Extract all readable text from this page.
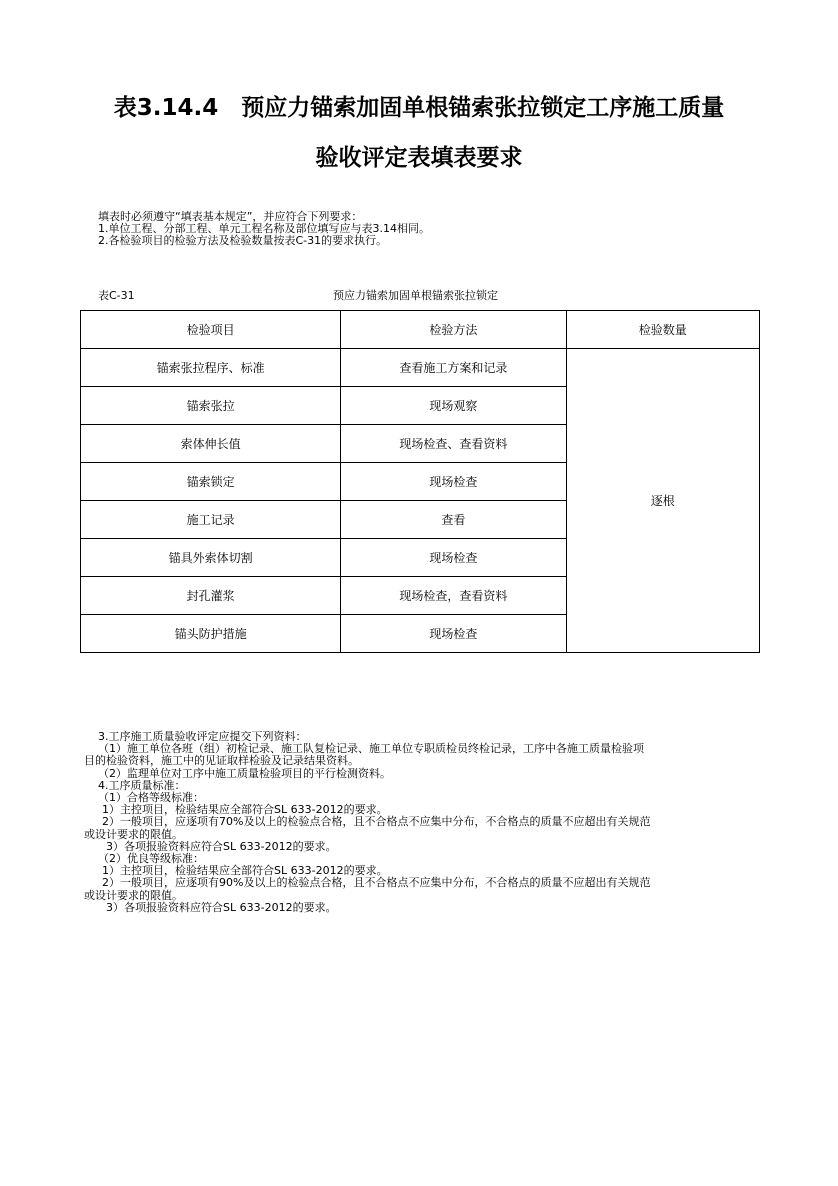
表3.14.4　预应力锚索加固单根锚索张拉锁定工序施工质量
验收评定表填表要求
填表时必须遵守“填表基本规定”，并应符合下列要求：
1.单位工程、分部工程、单元工程名称及部位填写应与表3.14相同。
2.各检验项目的检验方法及检验数量按表C-31的要求执行。
表C-31	预应力锚索加固单根锚索张拉锁定
检验项目	检验方法	检验数量
锚索张拉程序、标准	查看施工方案和记录	逐根
锚索张拉	现场观察	
索体伸长值	现场检查、查看资料	
锚索锁定	现场检查	
施工记录	查看	
锚具外索体切割	现场检查	
封孔灌浆	现场检查，查看资料	
锚头防护措施	现场检查	
3.工序施工质量验收评定应提交下列资料：
（1）施工单位各班（组）初检记录、施工队复检记录、施工单位专职质检员终检记录，工序中各施工质量检验项
目的检验资料，施工中的见证取样检验及记录结果资料。
（2）监理单位对工序中施工质量检验项目的平行检测资料。
4.工序质量标准：
（1）合格等级标准：
1）主控项目，检验结果应全部符合SL 633-2012的要求。
2）一般项目，应逐项有70%及以上的检验点合格，且不合格点不应集中分布，不合格点的质量不应超出有关规范
或设计要求的限值。
3）各项报验资料应符合SL 633-2012的要求。
（2）优良等级标准：
1）主控项目，检验结果应全部符合SL 633-2012的要求。
2）一般项目，应逐项有90%及以上的检验点合格，且不合格点不应集中分布，不合格点的质量不应超出有关规范
或设计要求的限值。
3）各项报验资料应符合SL 633-2012的要求。
